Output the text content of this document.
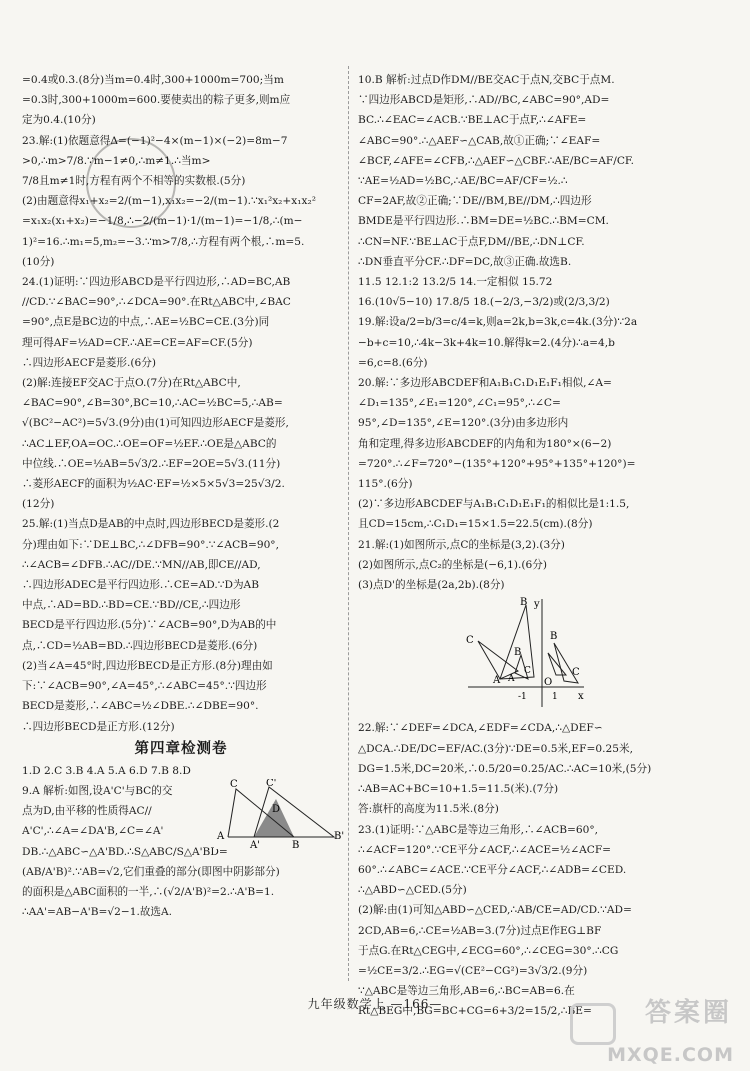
=0.4或0.3.(8分)当m=0.4时,300+1000m=700;当m
=0.3时,300+1000m=600.要使卖出的粽子更多,则m应
定为0.4.(10分)
23.解:(1)依题意得Δ=(−1)²−4×(m−1)×(−2)=8m−7
>0,∴m>7/8.∵m−1≠0,∴m≠1.∴当m>
7/8且m≠1时,方程有两个不相等的实数根.(5分)
(2)由题意得x₁+x₂=2/(m−1),x₁x₂=−2/(m−1).∵x₁²x₂+x₁x₂²
=x₁x₂(x₁+x₂)=−1/8,∴−2/(m−1)·1/(m−1)=−1/8,∴(m−
1)²=16.∴m₁=5,m₂=−3.∵m>7/8,∴方程有两个根,∴m=5.
(10分)
24.(1)证明:∵四边形ABCD是平行四边形,∴AD=BC,AB
//CD.∵∠BAC=90°,∴∠DCA=90°.在Rt△ABC中,∠BAC
=90°,点E是BC边的中点,∴AE=½BC=CE.(3分)同
理可得AF=½AD=CF.∴AE=CE=AF=CF.(5分)
∴四边形AECF是菱形.(6分)
(2)解:连接EF交AC于点O.(7分)在Rt△ABC中,
∠BAC=90°,∠B=30°,BC=10,∴AC=½BC=5,∴AB=
√(BC²−AC²)=5√3.(9分)由(1)可知四边形AECF是菱形,
∴AC⊥EF,OA=OC.∴OE=OF=½EF.∴OE是△ABC的
中位线.∴OE=½AB=5√3/2.∴EF=2OE=5√3.(11分)
∴菱形AECF的面积为½AC·EF=½×5×5√3=25√3/2.
(12分)
25.解:(1)当点D是AB的中点时,四边形BECD是菱形.(2
分)理由如下:∵DE⊥BC,∴∠DFB=90°.∵∠ACB=90°,
∴∠ACB=∠DFB.∴AC//DE.∵MN//AB,即CE//AD,
∴四边形ADEC是平行四边形.∴CE=AD.∵D为AB
中点,∴AD=BD.∴BD=CE.∵BD//CE,∴四边形
BECD是平行四边形.(5分)∵∠ACB=90°,D为AB的中
点,∴CD=½AB=BD.∴四边形BECD是菱形.(6分)
(2)当∠A=45°时,四边形BECD是正方形.(8分)理由如
下:∵∠ACB=90°,∠A=45°,∴∠ABC=45°.∵四边形
BECD是菱形,∴∠ABC=½∠DBE.∴∠DBE=90°.
∴四边形BECD是正方形.(12分)
第四章检测卷
1.D 2.C 3.B 4.A 5.A 6.D 7.B 8.D
9.A 解析:如图,设A'C'与BC的交
点为D,由平移的性质得AC//
A'C',∴∠A=∠DA'B,∠C=∠A'
DB.∴△ABC∽△A'BD.∴S△ABC/S△A'BD=
(AB/A'B)².∵AB=√2,它们重叠的部分(即图中阴影部分)
的面积是△ABC面积的一半,∴(√2/A'B)²=2.∴A'B=1.
∴AA'=AB−A'B=√2−1.故选A.
C	C'
D
A
A'	B
B'
10.B 解析:过点D作DM//BE交AC于点N,交BC于点M.
∵四边形ABCD是矩形,∴AD//BC,∠ABC=90°,AD=
BC.∴∠EAC=∠ACB.∵BE⊥AC于点F,∴∠AFE=
∠ABC=90°.∴△AEF∽△CAB,故①正确;∵∠EAF=
∠BCF,∠AFE=∠CFB,∴△AEF∽△CBF.∴AE/BC=AF/CF.
∵AE=½AD=½BC,∴AE/BC=AF/CF=½.∴
CF=2AF,故②正确;∵DE//BM,BE//DM,∴四边形
BMDE是平行四边形.∴BM=DE=½BC.∴BM=CM.
∴CN=NF.∵BE⊥AC于点F,DM//BE,∴DN⊥CF.
∴DN垂直平分CF.∴DF=DC,故③正确.故选B.
11.5 12.1:2 13.2/5 14.一定相似 15.72
16.(10√5−10) 17.8/5 18.(−2/3,−3/2)或(2/3,3/2)
19.解:设a/2=b/3=c/4=k,则a=2k,b=3k,c=4k.(3分)∵2a
−b+c=10,∴4k−3k+4k=10.解得k=2.(4分)∴a=4,b
=6,c=8.(6分)
20.解:∵多边形ABCDEF和A₁B₁C₁D₁E₁F₁相似,∠A=
∠D₁=135°,∠E₁=120°,∠C₁=95°,∴∠C=
95°,∠D=135°,∠E=120°.(3分)由多边形内
角和定理,得多边形ABCDEF的内角和为180°×(6−2)
=720°.∴∠F=720°−(135°+120°+95°+135°+120°)=
115°.(6分)
(2)∵多边形ABCDEF与A₁B₁C₁D₁E₁F₁的相似比是1:1.5,
且CD=15cm,∴C₁D₁=15×1.5=22.5(cm).(8分)
21.解:(1)如图所示,点C的坐标是(3,2).(3分)
(2)如图所示,点C₂的坐标是(−6,1).(6分)
(3)点D'的坐标是(2a,2b).(8分)
B
A
C
B
A
C
B
C
y
O
1 x
-1
22.解:∵∠DEF=∠DCA,∠EDF=∠CDA,∴△DEF∽
△DCA.∴DE/DC=EF/AC.(3分)∵DE=0.5米,EF=0.25米,
DG=1.5米,DC=20米,∴0.5/20=0.25/AC.∴AC=10米,(5分)
∴AB=AC+BC=10+1.5=11.5(米).(7分)
答:旗杆的高度为11.5米.(8分)
23.(1)证明:∵△ABC是等边三角形,∴∠ACB=60°,
∴∠ACF=120°.∵CE平分∠ACF,∴∠ACE=½∠ACF=
60°.∴∠ABC=∠ACE.∵CE平分∠ACF,∴∠ADB=∠CED.
∴△ABD∽△CED.(5分)
(2)解:由(1)可知△ABD∽△CED,∴AB/CE=AD/CD.∵AD=
2CD,AB=6,∴CE=½AB=3.(7分)过点E作EG⊥BF
于点G.在Rt△CEG中,∠ECG=60°,∴∠CEG=30°.∴CG
=½CE=3/2.∴EG=√(CE²−CG²)=3√3/2.(9分)
∵△ABC是等边三角形,AB=6,∴BC=AB=6.在
Rt△BEG中,BG=BC+CG=6+3/2=15/2,∴BE=
九年级数学上 —166—	答案圈
MXQE.COM
